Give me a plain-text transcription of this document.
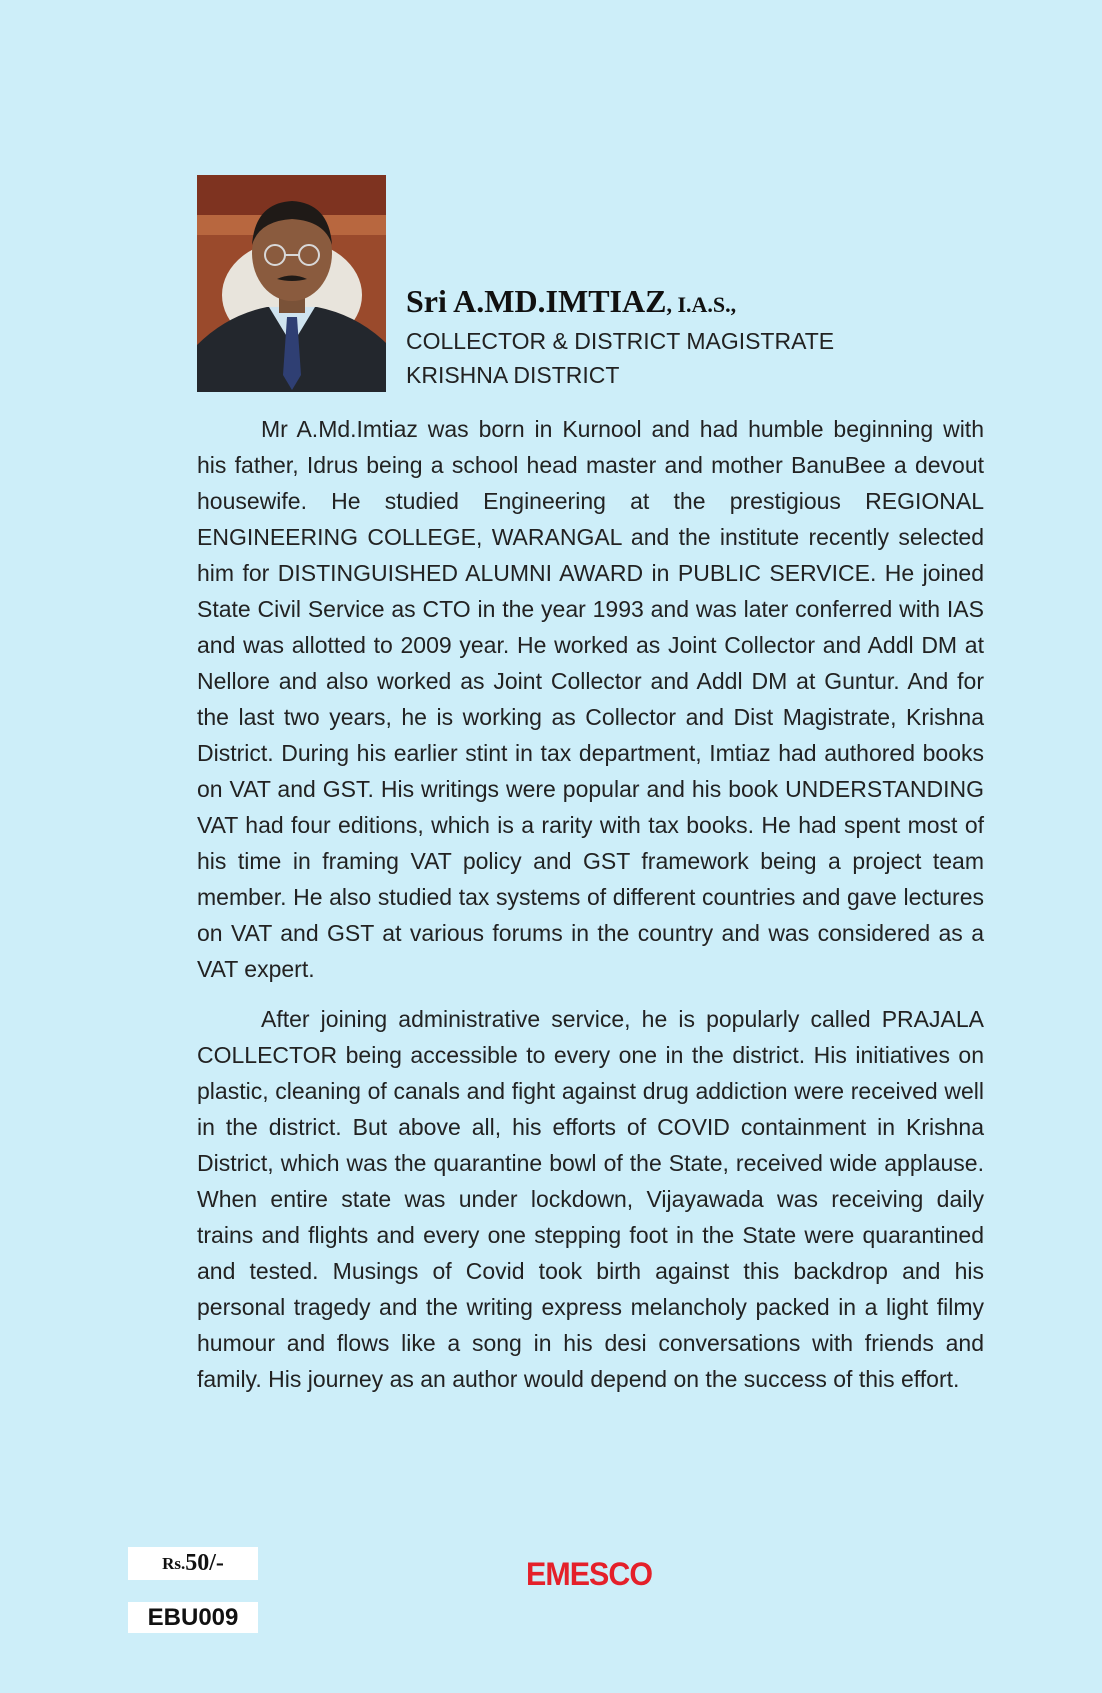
Sri A.MD.IMTIAZ, I.A.S.,
COLLECTOR & DISTRICT MAGISTRATE
KRISHNA DISTRICT

Mr A.Md.Imtiaz was born in Kurnool and had humble beginning with his father, Idrus being a school head master and mother BanuBee a devout housewife. He studied Engineering at the prestigious REGIONAL ENGINEERING COLLEGE, WARANGAL and the institute recently selected him for DISTINGUISHED ALUMNI AWARD in PUBLIC SERVICE. He joined State Civil Service as CTO in the year 1993 and was later conferred with IAS and was allotted to 2009 year. He worked as Joint Collector and Addl DM at Nellore and also worked as Joint Collector and Addl DM at Guntur. And for the last two years, he is working as Collector and Dist Magistrate, Krishna District. During his earlier stint in tax department, Imtiaz had authored books on VAT and GST. His writings were popular and his book UNDERSTANDING VAT had four editions, which is a rarity with tax books. He had spent most of his time in framing VAT policy and GST framework being a project team member. He also studied tax systems of different countries and gave lectures on VAT and GST at various forums in the country and was considered as a VAT expert.

After joining administrative service, he is popularly called PRAJALA COLLECTOR being accessible to every one in the district. His initiatives on plastic, cleaning of canals and fight against drug addiction were received well in the district. But above all, his efforts of COVID containment in Krishna District, which was the quarantine bowl of the State, received wide applause. When entire state was under lockdown, Vijayawada was receiving daily trains and flights and every one stepping foot in the State were quarantined and tested. Musings of Covid took birth against this backdrop and his personal tragedy and the writing express melancholy packed in a light filmy humour and flows like a song in his desi conversations with friends and family. His journey as an author would depend on the success of this effort.

Rs. 50/-
EBU009
EMESCO
